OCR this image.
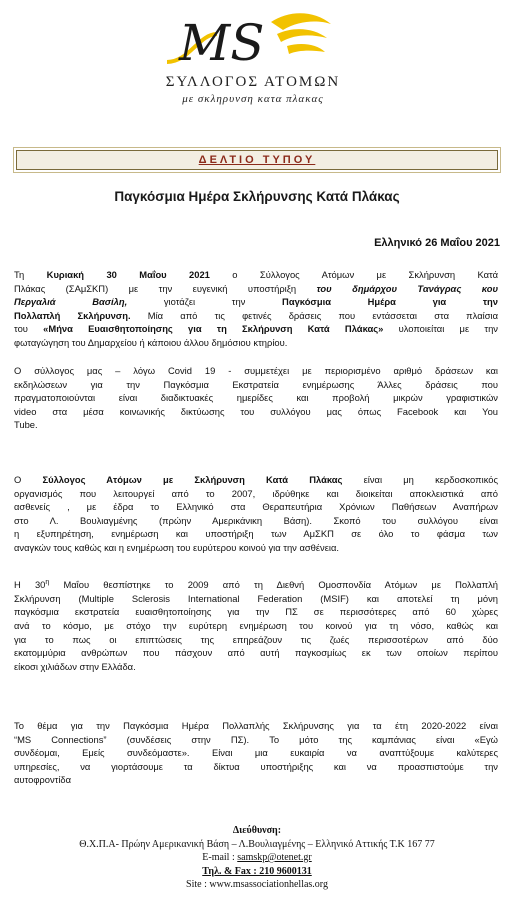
MS
ΣΥΛΛΟΓΟΣ ΑΤΟΜΩΝ
με σκληρυνση κατα πλακας
ΔΕΛΤΙΟ ΤΥΠΟΥ
Παγκόσμια Ημέρα Σκλήρυνσης Κατά Πλάκας
Ελληνικό 26 Μαΐου 2021
Τη Κυριακή 30 Μαΐου 2021 ο Σύλλογος Ατόμων με Σκλήρυνση Κατά
Πλάκας (ΣΑμΣΚΠ) με την ευγενική υποστήριξη του δημάρχου Τανάγρας κου
Περγαλιά Βασίλη,	γιοτάζει την	Παγκόσμια Ημέρα	για την
Πολλαπλή Σκλήρυνση. Μία από τις φετινές δράσεις που εντάσσεται στα πλαίσια
του «Μήνα Ευαισθητοποίησης για τη Σκλήρυνση Κατά Πλάκας» υλοποιείται με την
φωταγώγηση του Δημαρχείου ή κάποιου άλλου δημόσιου κτηρίου.
Ο σύλλογος μας – λόγω Covid 19 - συμμετέχει με περιορισμένο αριθμό δράσεων και
εκδηλώσεων για την Παγκόσμια Εκστρατεία ενημέρωσης Άλλες δράσεις που
πραγματοποιούνται είναι διαδικτυακές ημερίδες και προβολή μικρών γραφιστικών
video στα μέσα κοινωνικής δικτύωσης του συλλόγου μας όπως Facebook και You
Tube.
Ο Σύλλογος Ατόμων με Σκλήρυνση Κατά Πλάκας είναι μη κερδοσκοπικός
οργανισμός που λειτουργεί από το 2007, ιδρύθηκε και διοικείται αποκλειστικά από
ασθενείς , με έδρα το Ελληνικό στα Θεραπευτήρια Χρόνιων Παθήσεων Αναπήρων
στο Λ. Βουλιαγμένης (πρώην Αμερικάνικη Βάση). Σκοπό του συλλόγου είναι
η εξυπηρέτηση, ενημέρωση και υποστήριξη των ΑμΣΚΠ σε όλο το φάσμα των
αναγκών τους καθώς και η ενημέρωση του ευρύτερου κοινού για την ασθένεια.
Η $30^\eta$ Μαΐου θεσπίστηκε το 2009 από τη Διεθνή Ομοσπονδία Ατόμων με Πολλαπλή
Σκλήρυνση (Multiple Sclerosis International Federation (MSIF) και αποτελεί τη μόνη
παγκόσμια εκστρατεία ευαισθητοποίησης για την ΠΣ σε περισσότερες από 60 χώρες
ανά το κόσμο, με στόχο την ευρύτερη ενημέρωση του κοινού για τη νόσο, καθώς και
για το πως οι επιπτώσεις της επηρεάζουν τις ζωές περισσοτέρων από δύο
εκατομμύρια ανθρώπων που πάσχουν από αυτή παγκοσμίως εκ των οποίων περίπου
είκοσι χιλιάδων στην Ελλάδα.
Το θέμα για την Παγκόσμια Ημέρα Πολλαπλής Σκλήρυνσης για τα έτη 2020-2022 είναι
“MS Connections” (συνδέσεις στην ΠΣ). Το μότο της καμπάνιας είναι «Εγώ
συνδέομαι, Εμείς συνδεόμαστε». Είναι μια ευκαιρία να αναπτύξουμε καλύτερες
υπηρεσίες, να γιορτάσουμε τα δίκτυα υποστήριξης και να προασπιστούμε την
αυτοφροντίδα
Διεύθυνση:
Θ.Χ.Π.Α- Πρώην Αμερικανική Βάση – Λ.Βουλιαγμένης – Ελληνικό Αττικής Τ.Κ 167 77
E-mail : samskp@otenet.gr
Τηλ. & Fax : 210 9600131
Site : www.msassociationhellas.org
